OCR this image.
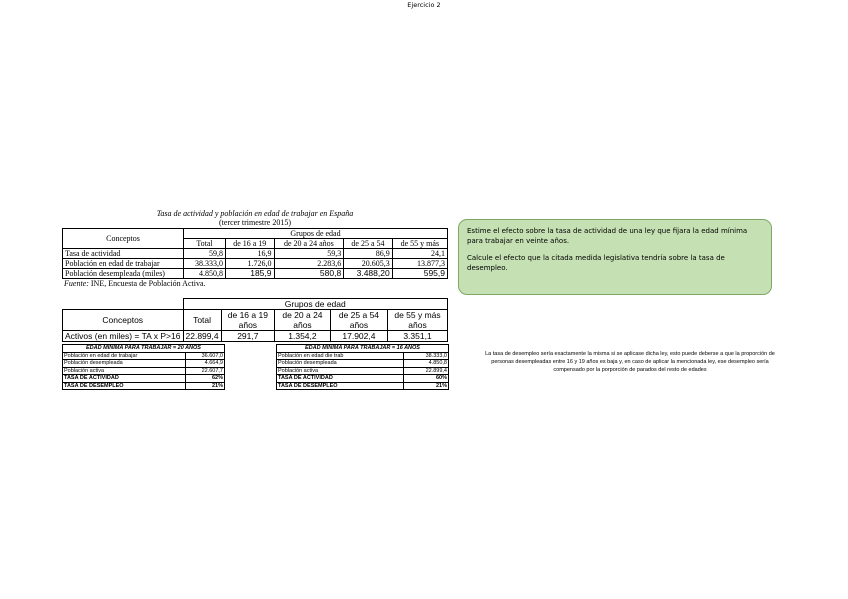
Ejercicio 2
Tasa de actividad y población en edad de trabajar en España
(tercer trimestre 2015)
Conceptos	Grupos de edad				
	Total	de 16 a 19	de 20 a 24 años	de 25 a 54	de 55 y más
Tasa de actividad	59,8	16,9	59,3	86,9	24,1
Población en edad de trabajar	38.333,0	1.726,0	2.283,6	20.605,3	13.877,3
Población desempleada (miles)	4.850,8	185,9	580,8	3.488,20	595,9
Fuente: INE, Encuesta de Población Activa.
	Grupos de edad				
Conceptos	Total	de 16 a 19 años	de 20 a 24 años	de 25 a 54 años	de 55 y más años
Activos (en miles) = TA x P>16	22.899,4	291,7	1.354,2	17.902,4	3.351,1
EDAD MÍNIMA PARA TRABAJAR = 20 AÑOS	
Población en edad de trabajar	36.607,0
Población desempleada	4.664,9
Población activa	22.607,7
TASA DE ACTIVIDAD	62%
TASA DE DESEMPLEO	21%
EDAD MÍNIMA PARA TRABAJAR = 16 AÑOS	
Población en edad die trab	38.333,0
Población desempleada	4.850,8
Población activa	22.899,4
TASA DE ACTIVIDAD	60%
TASA DE DESEMPLEO	21%

Estime el efecto sobre la tasa de actividad de una ley que fijara la edad mínima para trabajar en veinte años.

Calcule el efecto que la citada medida legislativa tendría sobre la tasa de desempleo.

La tasa de desempleo sería exactamente la misma si se aplicase dicha ley, esto puede deberse a que la proporción de personas desempleadas entre 16 y 19 años es baja y, en caso de aplicar la mencionada ley, ese desempleo sería compensado por la porporción de parados del resto de edades
